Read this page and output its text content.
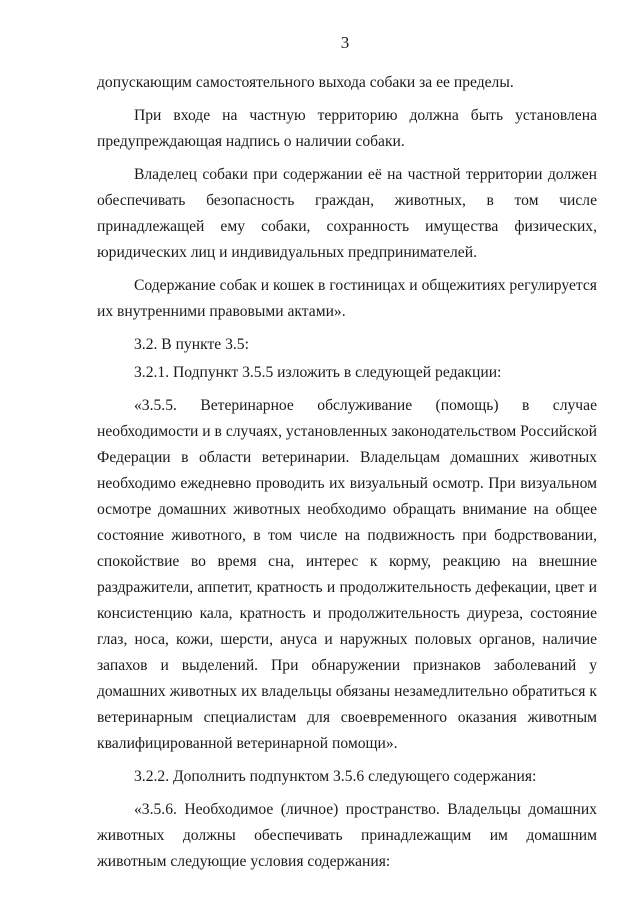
3

допускающим самостоятельного выхода собаки за ее пределы.

При входе на частную территорию должна быть установлена предупреждающая надпись о наличии собаки.

Владелец собаки при содержании её на частной территории должен обеспечивать безопасность граждан, животных, в том числе принадлежащей ему собаки, сохранность имущества физических, юридических лиц и индивидуальных предпринимателей.

Содержание собак и кошек в гостиницах и общежитиях регулируется их внутренними правовыми актами».

3.2. В пункте 3.5:

3.2.1. Подпункт 3.5.5 изложить в следующей редакции:

«3.5.5. Ветеринарное обслуживание (помощь) в случае необходимости и в случаях, установленных законодательством Российской Федерации в области ветеринарии. Владельцам домашних животных необходимо ежедневно проводить их визуальный осмотр. При визуальном осмотре домашних животных необходимо обращать внимание на общее состояние животного, в том числе на подвижность при бодрствовании, спокойствие во время сна, интерес к корму, реакцию на внешние раздражители, аппетит, кратность и продолжительность дефекации, цвет и консистенцию кала, кратность и продолжительность диуреза, состояние глаз, носа, кожи, шерсти, ануса и наружных половых органов, наличие запахов и выделений. При обнаружении признаков заболеваний у домашних животных их владельцы обязаны незамедлительно обратиться к ветеринарным специалистам для своевременного оказания животным квалифицированной ветеринарной помощи».

3.2.2. Дополнить подпунктом 3.5.6 следующего содержания:

«3.5.6. Необходимое (личное) пространство. Владельцы домашних животных должны обеспечивать принадлежащим им домашним животным следующие условия содержания:
